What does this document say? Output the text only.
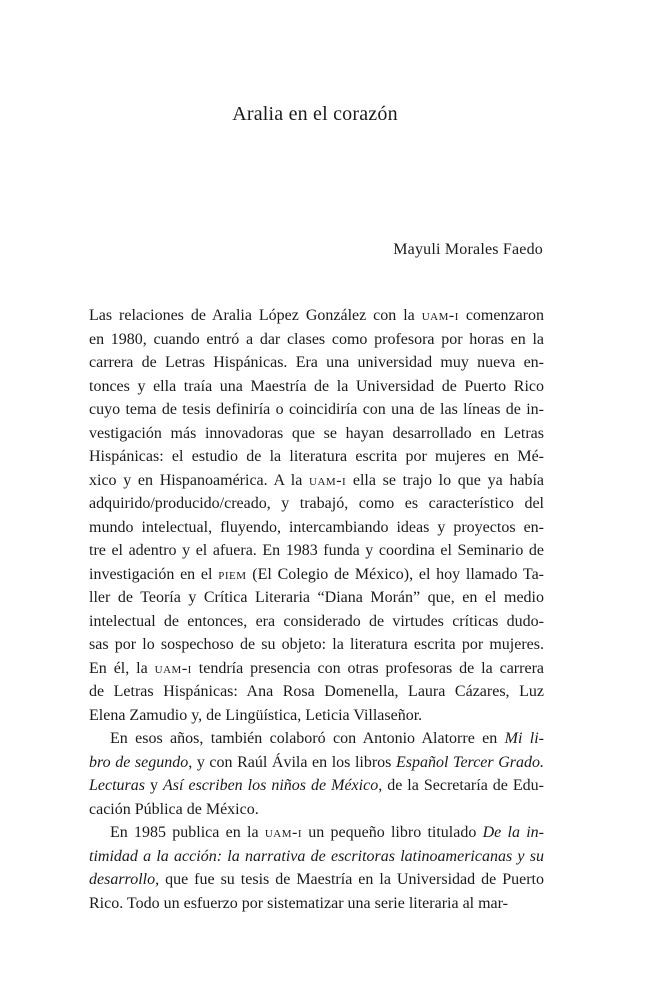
Aralia en el corazón
Mayuli Morales Faedo
Las relaciones de Aralia López González con la uam-i comenzaron
en 1980, cuando entró a dar clases como profesora por horas en la
carrera de Letras Hispánicas. Era una universidad muy nueva en-
tonces y ella traía una Maestría de la Universidad de Puerto Rico
cuyo tema de tesis definiría o coincidiría con una de las líneas de in-
vestigación más innovadoras que se hayan desarrollado en Letras
Hispánicas: el estudio de la literatura escrita por mujeres en Mé-
xico y en Hispanoamérica. A la uam-i ella se trajo lo que ya había
adquirido/producido/creado, y trabajó, como es característico del
mundo intelectual, fluyendo, intercambiando ideas y proyectos en-
tre el adentro y el afuera. En 1983 funda y coordina el Seminario de
investigación en el piem (El Colegio de México), el hoy llamado Ta-
ller de Teoría y Crítica Literaria “Diana Morán” que, en el medio
intelectual de entonces, era considerado de virtudes críticas dudo-
sas por lo sospechoso de su objeto: la literatura escrita por mujeres.
En él, la uam-i tendría presencia con otras profesoras de la carrera
de Letras Hispánicas: Ana Rosa Domenella, Laura Cázares, Luz
Elena Zamudio y, de Lingüística, Leticia Villaseñor.
En esos años, también colaboró con Antonio Alatorre en Mi li-
bro de segundo, y con Raúl Ávila en los libros Español Tercer Grado.
Lecturas y Así escriben los niños de México, de la Secretaría de Edu-
cación Pública de México.
En 1985 publica en la uam-i un pequeño libro titulado De la in-
timidad a la acción: la narrativa de escritoras latinoamericanas y su
desarrollo, que fue su tesis de Maestría en la Universidad de Puerto
Rico. Todo un esfuerzo por sistematizar una serie literaria al mar-
